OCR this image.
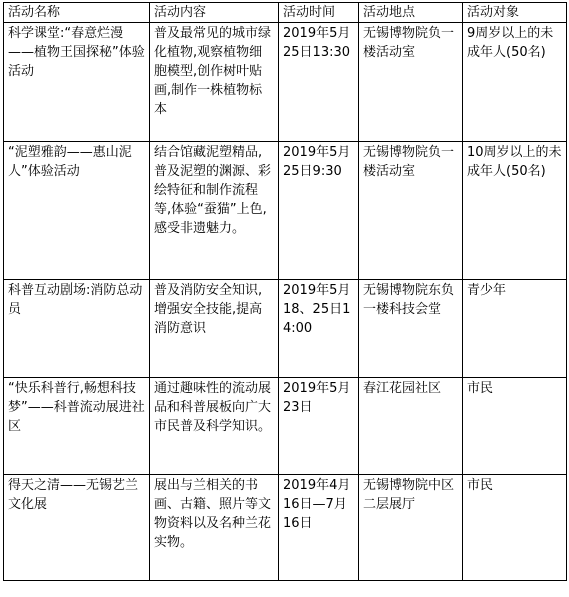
活动名称	活动内容	活动时间	活动地点	活动对象
科学课堂:“春意烂漫——植物王国探秘”体验活动	普及最常见的城市绿化植物,观察植物细胞模型,创作树叶贴画,制作一株植物标本	2019年5月25日13:30	无锡博物院负一楼活动室	9周岁以上的未成年人(50名)
“泥塑雅韵——惠山泥人”体验活动	结合馆藏泥塑精品,普及泥塑的渊源、彩绘特征和制作流程等,体验“蚕猫”上色,感受非遗魅力。	2019年5月25日9:30	无锡博物院负一楼活动室	10周岁以上的未成年人(50名)
科普互动剧场:消防总动员	普及消防安全知识,增强安全技能,提高消防意识	2019年5月18、25日14:00	无锡博物院东负一楼科技会堂	青少年
“快乐科普行,畅想科技梦”——科普流动展进社区	通过趣味性的流动展品和科普展板向广大市民普及科学知识。	2019年5月23日	春江花园社区	市民
得天之清——无锡艺兰文化展	展出与兰相关的书画、古籍、照片等文物资料以及名种兰花实物。	2019年4月16日—7月16日	无锡博物院中区二层展厅	市民
